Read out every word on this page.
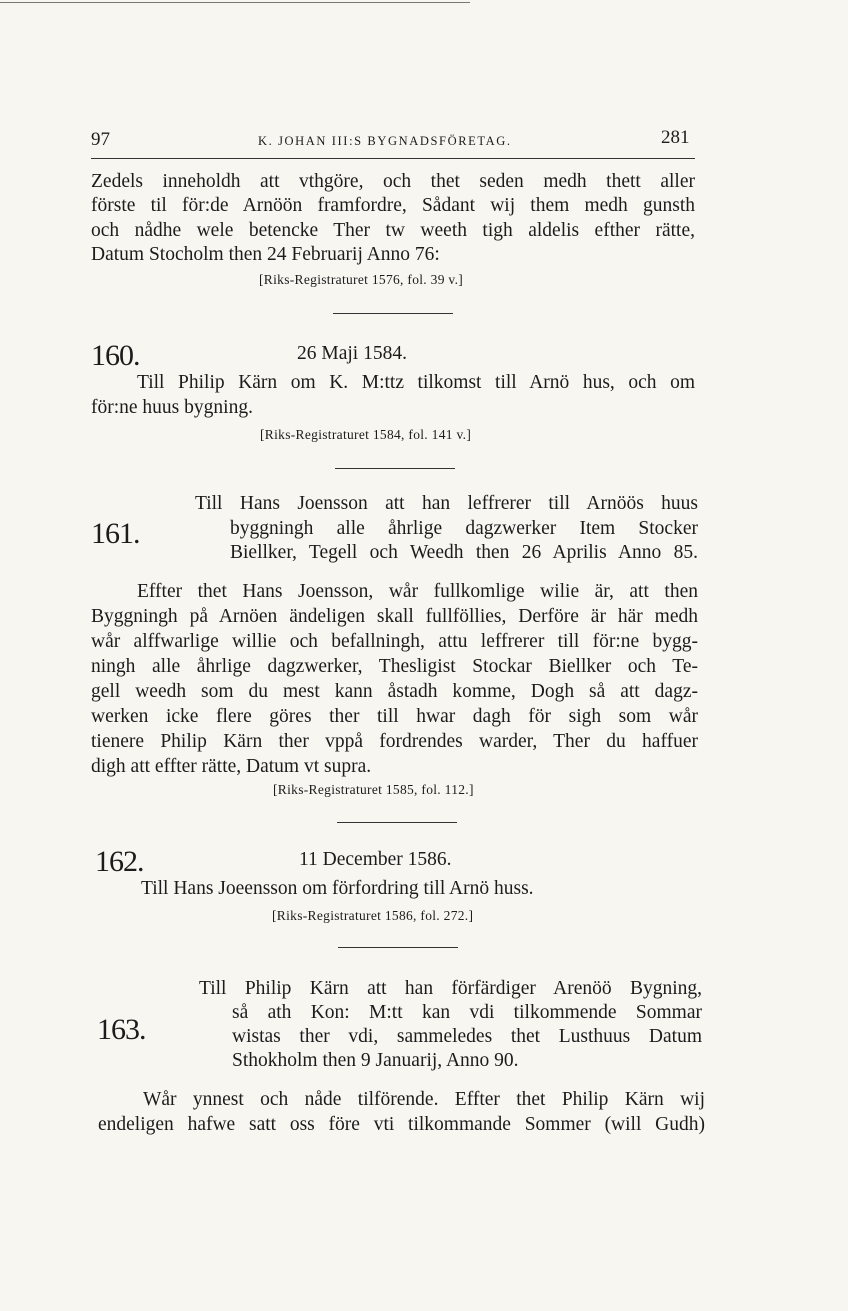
97	K. JOHAN III:S BYGNADSFÖRETAG.	281
Zedels inneholdh att vthgöre, och thet seden medh thett aller
förste til för:de Arnöön framfordre, Sådant wij them medh gunsth
och nådhe wele betencke Ther tw weeth tigh aldelis efther rätte,
Datum Stocholm then 24 Februarij Anno 76:
[Riks-Registraturet 1576, fol. 39 v.]
160.	26 Maji 1584.
Till Philip Kärn om K. M:ttz tilkomst till Arnö hus, och om
för:ne huus bygning.
[Riks-Registraturet 1584, fol. 141 v.]
Till Hans Joensson att han leffrerer till Arnöös huus
161.	byggningh alle åhrlige dagzwerker Item Stocker
Biellker, Tegell och Weedh then 26 Aprilis Anno 85.
Effter thet Hans Joensson, wår fullkomlige wilie är, att then
Byggningh på Arnöen ändeligen skall fullföllies, Derföre är här medh
wår alffwarlige willie och befallningh, attu leffrerer till för:ne bygg-
ningh alle åhrlige dagzwerker, Thesligist Stockar Biellker och Te-
gell weedh som du mest kann åstadh komme, Dogh så att dagz-
werken icke flere göres ther till hwar dagh för sigh som wår
tienere Philip Kärn ther vppå fordrendes warder, Ther du haffuer
digh att effter rätte, Datum vt supra.
[Riks-Registraturet 1585, fol. 112.]
162.	11 December 1586.
Till Hans Joeensson om förfordring till Arnö huss.
[Riks-Registraturet 1586, fol. 272.]
Till Philip Kärn att han förfärdiger Arenöö Bygning,
så ath Kon: M:tt kan vdi tilkommende Sommar
163.	wistas ther vdi, sammeledes thet Lusthuus Datum
Sthokholm then 9 Januarij, Anno 90.
Wår ynnest och nåde tilförende. Effter thet Philip Kärn wij
endeligen hafwe satt oss före vti tilkommande Sommer (will Gudh)
